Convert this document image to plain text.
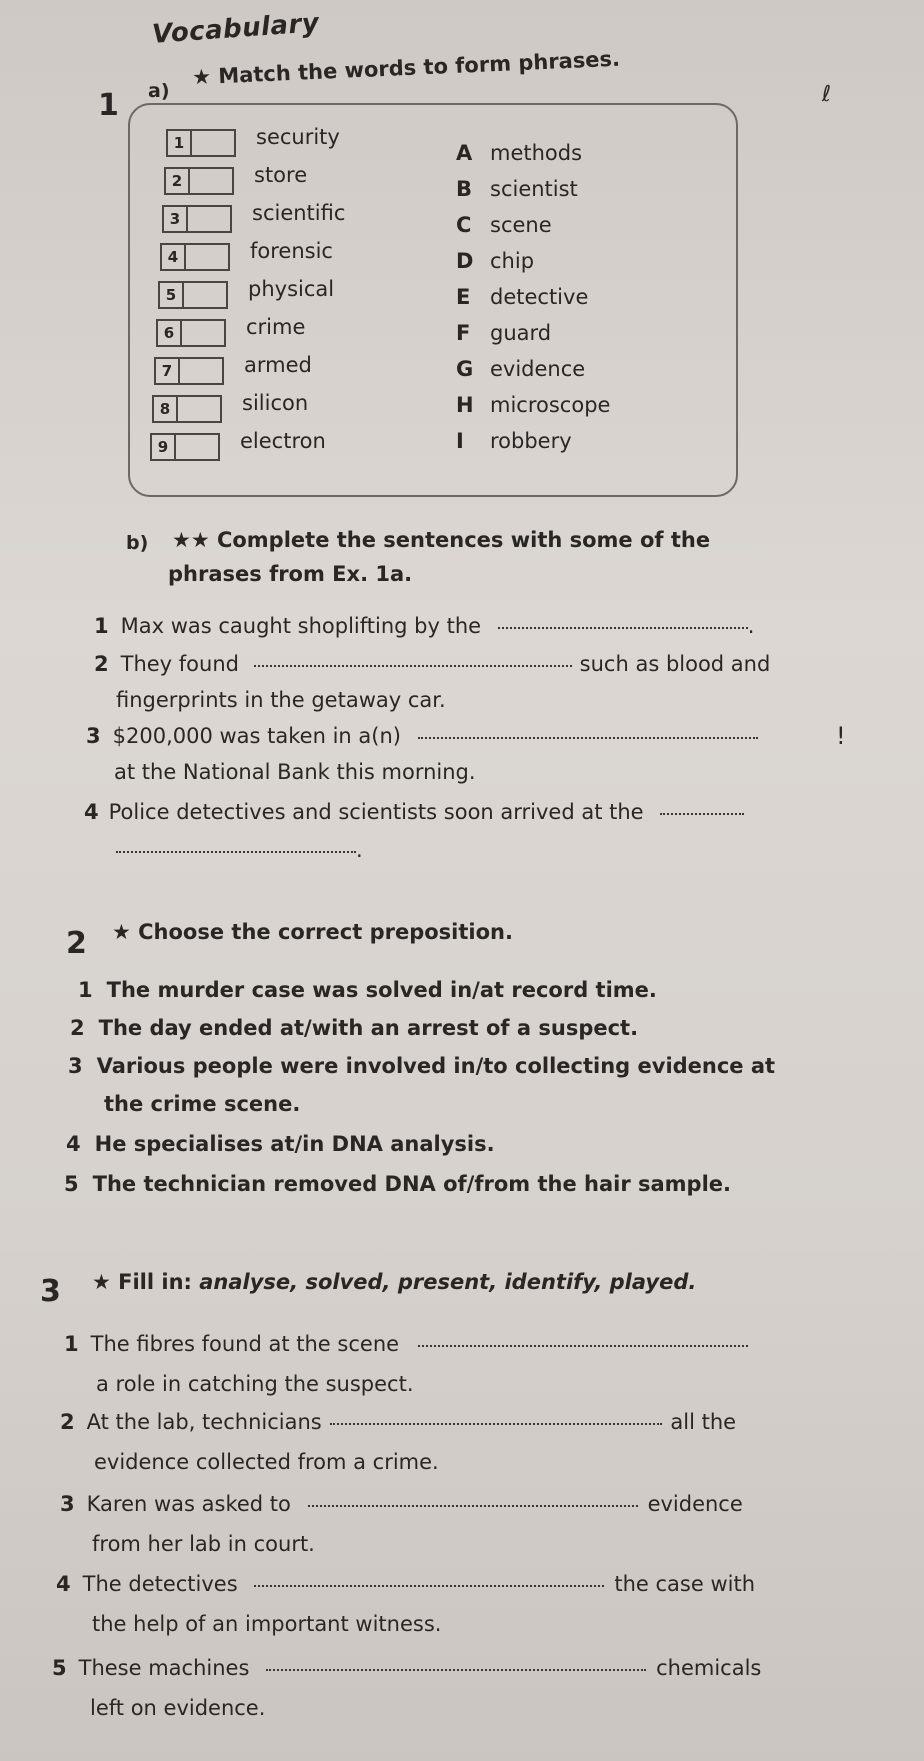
Vocabulary
1 a)
★ Match the words to form phrases.
ℓ
1	security
2	store
3	scientific
4	forensic
5	physical
6	crime
7	armed
8	silicon
9	electron
A methods
B scientist
C scene
D chip
E detective
F guard
G evidence
H microscope
I robbery
b) ★★ Complete the sentences with some of the
phrases from Ex. 1a.
1 Max was caught shoplifting by the	.
2 They found	such as blood and
fingerprints in the getaway car.
3 $200,000 was taken in a(n)	!
at the National Bank this morning.
4 Police detectives and scientists soon arrived at the
.
2 ★ Choose the correct preposition.
1 The murder case was solved in/at record time.
2 The day ended at/with an arrest of a suspect.
3 Various people were involved in/to collecting evidence at
the crime scene.
4 He specialises at/in DNA analysis.
5 The technician removed DNA of/from the hair sample.
3 ★ Fill in: analyse, solved, present, identify, played.
1 The fibres found at the scene
a role in catching the suspect.
2 At the lab, technicians	all the
evidence collected from a crime.
3 Karen was asked to	evidence
from her lab in court.
4 The detectives	the case with
the help of an important witness.
5 These machines	chemicals
left on evidence.
